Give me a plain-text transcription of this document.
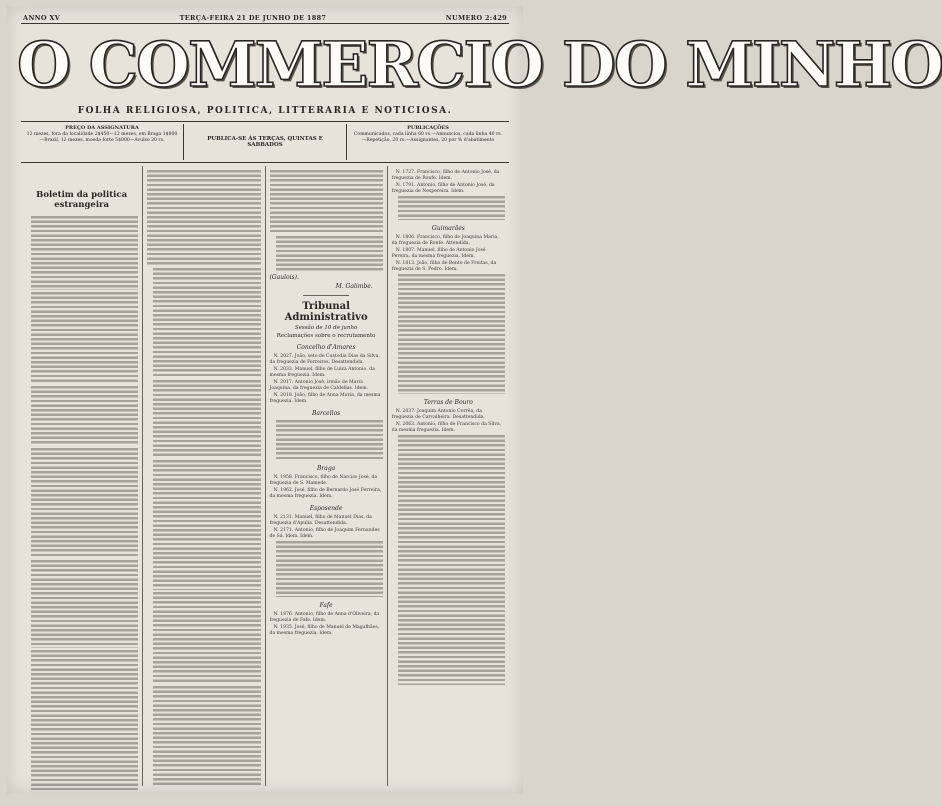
ANNO XV	TERÇA-FEIRA 21 DE JUNHO DE 1887	NUMERO 2:429
O COMMERCIO DO MINHO
FOLHA RELIGIOSA, POLITICA, LITTERARIA E NOTICIOSA.
PREÇO DA ASSIGNATURA
12 mezes, fora da localidade 2$450—12 mezes, em Braga 1$800—Brazil, 12 mezes, moeda forte 5$000—Avulso 20 rs.	PUBLICA-SE ÁS TERÇAS, QUINTAS E SABBADOS
PUBLICAÇÕES
Communicados, cada linha 60 rs.—Annuncios, cada linha 40 rs.—Repetição, 20 rs.—Assignantes, 20 por % d'abatimento
Boletim da politica estrangeira
(Gaulois).
M. Galimbe.
Tribunal Administrativo
Sessão de 10 de junho
Reclamações sobre o recrutamento
Concelho d'Amares
N. 2027. João, seto de Custodia Dias da Silva, da freguezia de Ferreiros. Desattendida.
N. 2033. Manuel, filho de Luiza Antonio, da mesma freguezia. Idem.
N. 2017. Antonio José, irmão de Maria Joaquina, da freguezia de Caldellas. Idem.
N. 2018. João, filho de Anna Maria, da mesma freguezia. Idem.
Barcellos
Braga
N. 1958. Francisco, filho de Narciso José, da freguezia de S. Mamede.
N. 1962. José, filho de Bernardo José Ferreira, da mesma freguezia. Idem.
Esposende
N. 2131. Manuel, filho de Manuel Dias, da freguezia d'Apulia. Desattendida.
N. 2171. Antonio, filho de Joaquim Fernandes de Sá. Idem. Idem.
Fafe
N. 1876. Antonio, filho de Anna d'Oliveira, da freguezia de Fafe. Idem.
N. 1935. José, filho de Manuel de Magalhães, da mesma freguezia. Idem.
N. 1727. Francisco, filho de Antonio José, da freguezia de Ronfe. Idem.
N. 1791. Antonio, filho de Antonio José, da freguezia de Nespereira. Idem.
Guimarães
N. 1806. Francisco, filho de Joaquina Maria, da freguezia de Ronfe. Attendida.
N. 1807. Manuel, filho de Antonio José Pereira, da mesma freguezia. Idem.
N. 1813. João, filho de Bento de Freitas, da freguezia de S. Pedro. Idem.
Terras de Bouro
N. 2037. Joaquim Antonio Corrêa, da freguezia de Carvalheira. Desattendida.
N. 2063. Antonio, filho de Francisco da Silva, da mesma freguezia. Idem.
